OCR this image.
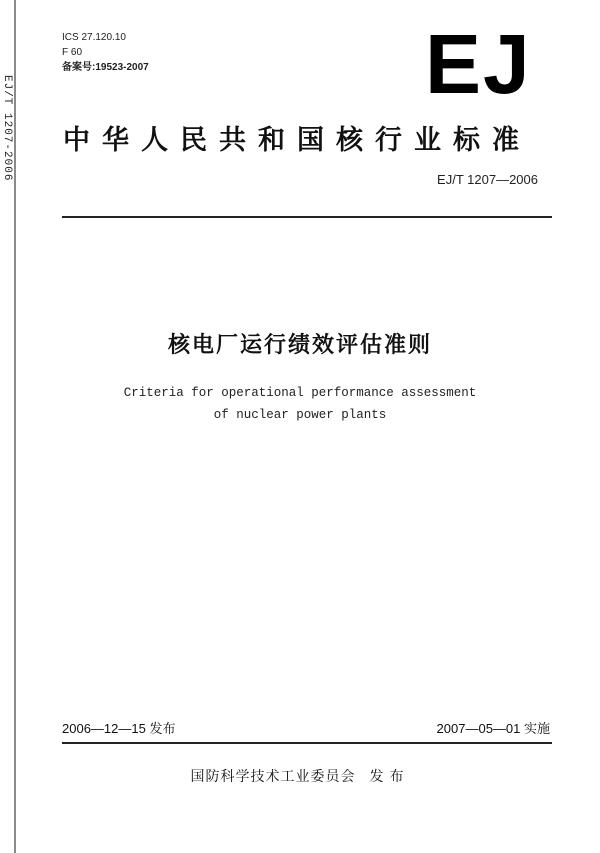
EJ/T 1207-2006
ICS 27.120.10
F 60
备案号:19523-2007	EJ
中华人民共和国核行业标准
EJ/T 1207—2006
核电厂运行绩效评估准则
Criteria for operational performance assessment
of nuclear power plants
2006—12—15 发布	2007—05—01 实施
国防科学技术工业委员会 发布
